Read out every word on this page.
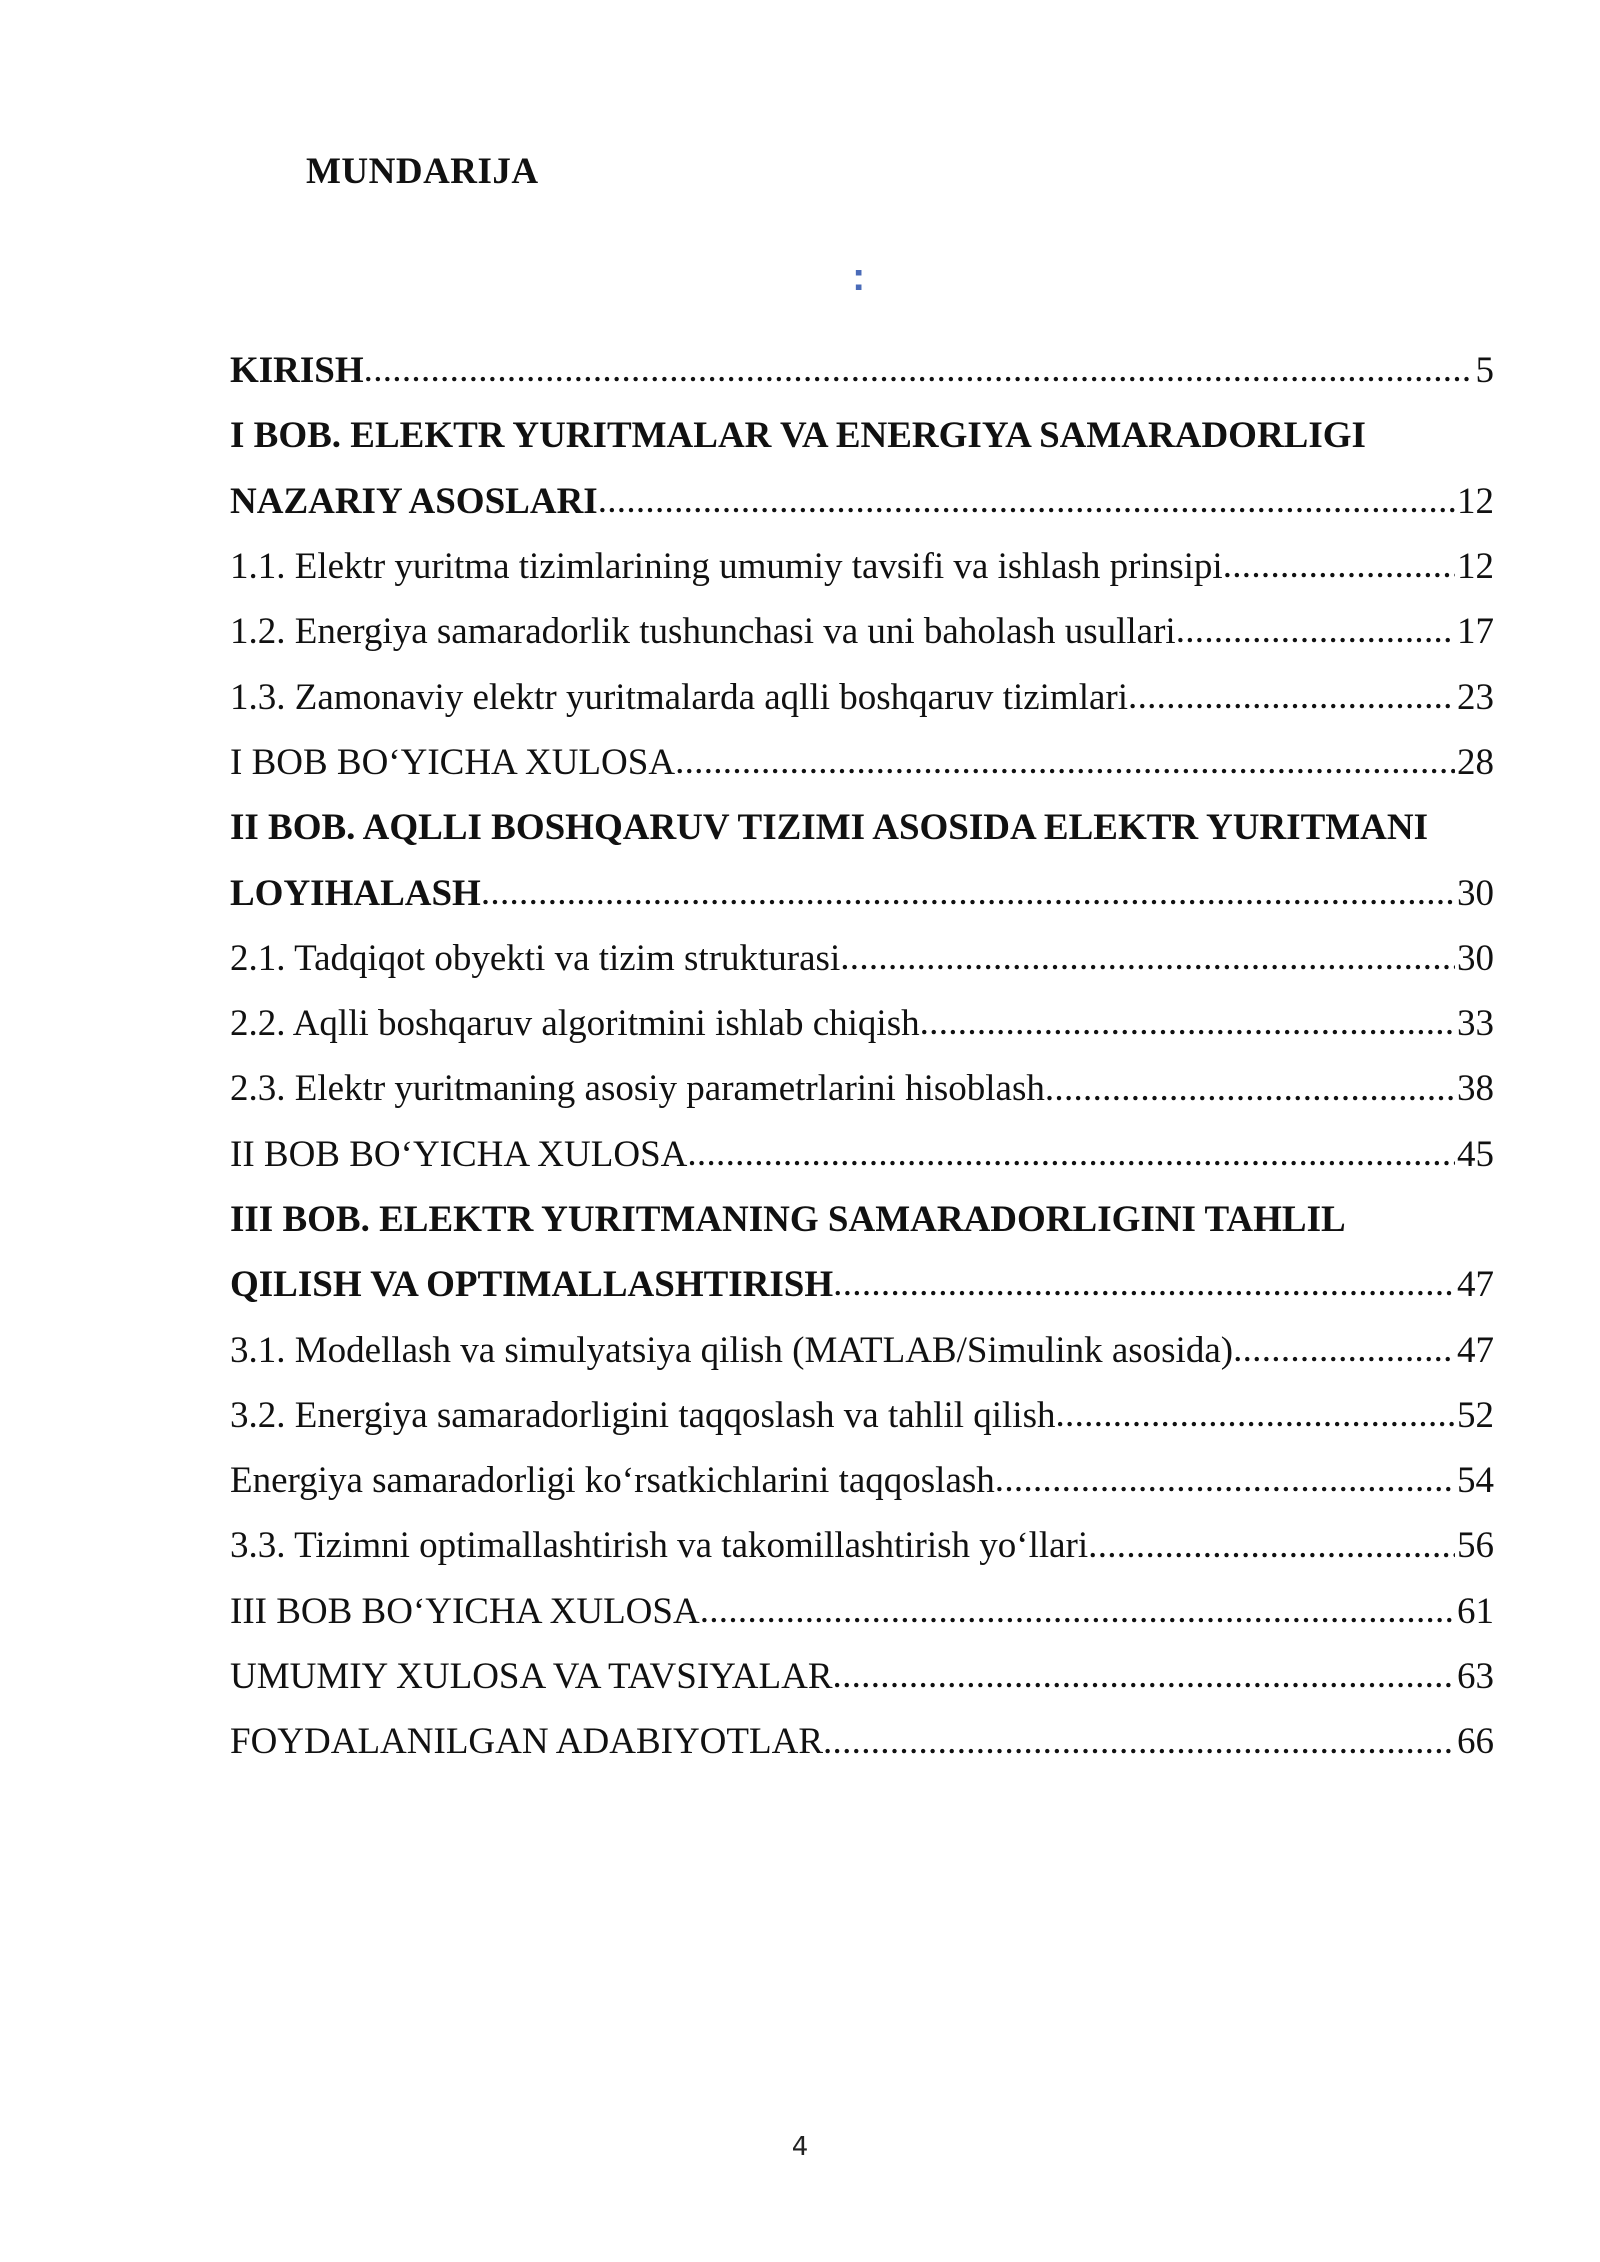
MUNDARIJA
:
KIRISH .....	5
I BOB. ELEKTR YURITMALAR VA ENERGIYA SAMARADORLIGI
NAZARIY ASOSLARI .....	12
1.1. Elektr yuritma tizimlarining umumiy tavsifi va ishlash prinsipi .....	12
1.2. Energiya samaradorlik tushunchasi va uni baholash usullari .....	17
1.3. Zamonaviy elektr yuritmalarda aqlli boshqaruv tizimlari .....	23
I BOB BO‘YICHA XULOSA .....	28
II BOB. AQLLI BOSHQARUV TIZIMI ASOSIDA ELEKTR YURITMANI
LOYIHALASH .....	30
2.1. Tadqiqot obyekti va tizim strukturasi .....	30
2.2. Aqlli boshqaruv algoritmini ishlab chiqish .....	33
2.3. Elektr yuritmaning asosiy parametrlarini hisoblash .....	38
II BOB BO‘YICHA XULOSA .....	45
III BOB. ELEKTR YURITMANING SAMARADORLIGINI TAHLIL
QILISH VA OPTIMALLASHTIRISH .....	47
3.1. Modellash va simulyatsiya qilish (MATLAB/Simulink asosida) .....	47
3.2. Energiya samaradorligini taqqoslash va tahlil qilish .....	52
Energiya samaradorligi ko‘rsatkichlarini taqqoslash .....	54
3.3. Tizimni optimallashtirish va takomillashtirish yo‘llari .....	56
III BOB BO‘YICHA XULOSA .....	61
UMUMIY XULOSA VA TAVSIYALAR .....	63
FOYDALANILGAN ADABIYOTLAR .....	66
4
